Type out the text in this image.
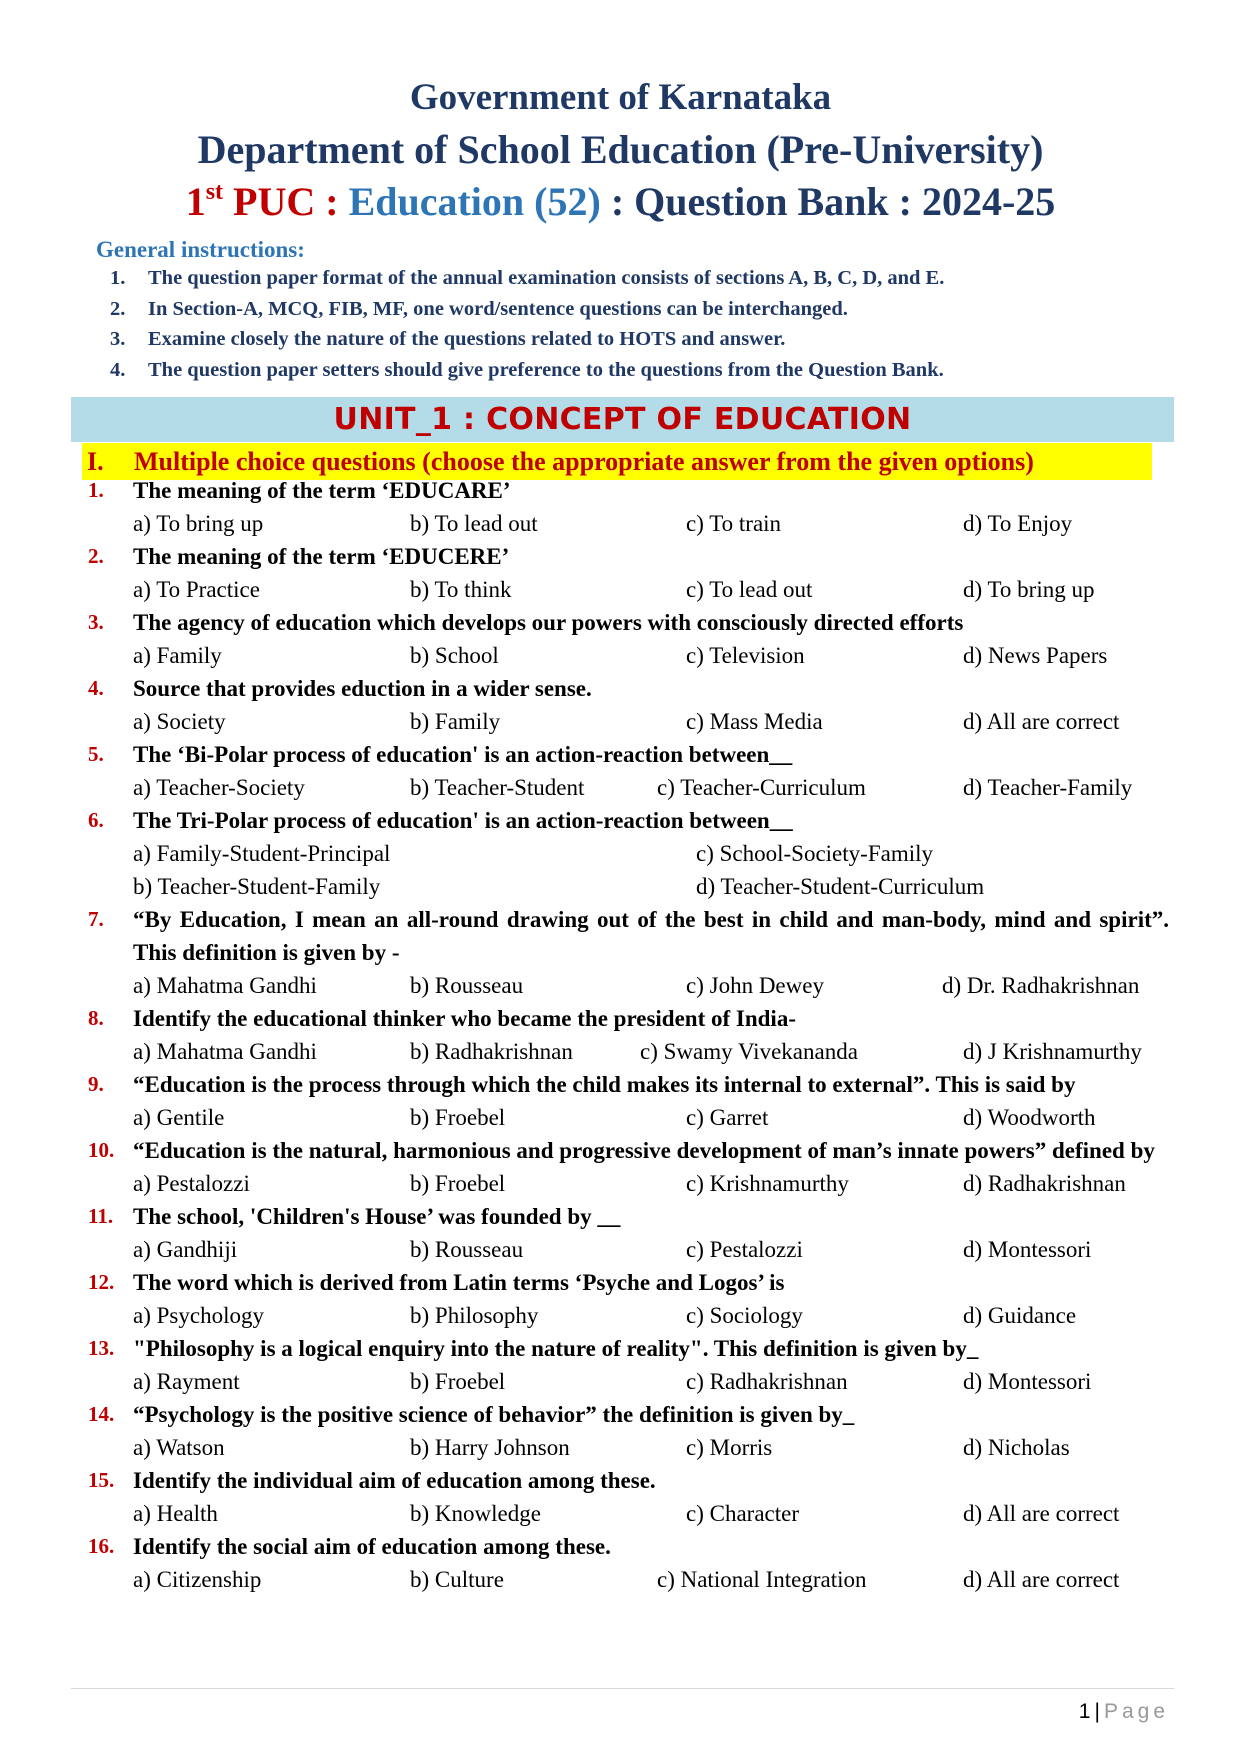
Government of Karnataka
Department of School Education (Pre-University)
1st PUC : Education (52) : Question Bank : 2024-25
General instructions:
1. The question paper format of the annual examination consists of sections A, B, C, D, and E.
2. In Section-A, MCQ, FIB, MF, one word/sentence questions can be interchanged.
3. Examine closely the nature of the questions related to HOTS and answer.
4. The question paper setters should give preference to the questions from the Question Bank.
UNIT_1 : CONCEPT OF EDUCATION
I. Multiple choice questions (choose the appropriate answer from the given options)
1. The meaning of the term ‘EDUCARE’
a) To bring up	b) To lead out	c) To train	d) To Enjoy
2. The meaning of the term ‘EDUCERE’
a) To Practice	b) To think	c) To lead out	d) To bring up
3. The agency of education which develops our powers with consciously directed efforts
a) Family	b) School	c) Television	d) News Papers
4. Source that provides eduction in a wider sense.
a) Society	b) Family	c) Mass Media	d) All are correct
5. The ‘Bi-Polar process of education' is an action-reaction between__
a) Teacher-Society	b) Teacher-Student	c) Teacher-Curriculum	d) Teacher-Family
6. The Tri-Polar process of education' is an action-reaction between__
a) Family-Student-Principal	c) School-Society-Family
b) Teacher-Student-Family	d) Teacher-Student-Curriculum
7. “By Education, I mean an all-round drawing out of the best in child and man-body, mind and spirit”. This definition is given by -
a) Mahatma Gandhi	b) Rousseau	c) John Dewey	d) Dr. Radhakrishnan
8. Identify the educational thinker who became the president of India-
a) Mahatma Gandhi	b) Radhakrishnan	c) Swamy Vivekananda	d) J Krishnamurthy
9. “Education is the process through which the child makes its internal to external”. This is said by
a) Gentile	b) Froebel	c) Garret	d) Woodworth
10. “Education is the natural, harmonious and progressive development of man’s innate powers” defined by
a) Pestalozzi	b) Froebel	c) Krishnamurthy	d) Radhakrishnan
11. The school, 'Children's House’ was founded by __
a) Gandhiji	b) Rousseau	c) Pestalozzi	d) Montessori
12. The word which is derived from Latin terms ‘Psyche and Logos’ is
a) Psychology	b) Philosophy	c) Sociology	d) Guidance
13. "Philosophy is a logical enquiry into the nature of reality". This definition is given by_
a) Rayment	b) Froebel	c) Radhakrishnan	d) Montessori
14. “Psychology is the positive science of behavior” the definition is given by_
a) Watson	b) Harry Johnson	c) Morris	d) Nicholas
15. Identify the individual aim of education among these.
a) Health	b) Knowledge	c) Character	d) All are correct
16. Identify the social aim of education among these.
a) Citizenship	b) Culture	c) National Integration	d) All are correct
1 | Page
